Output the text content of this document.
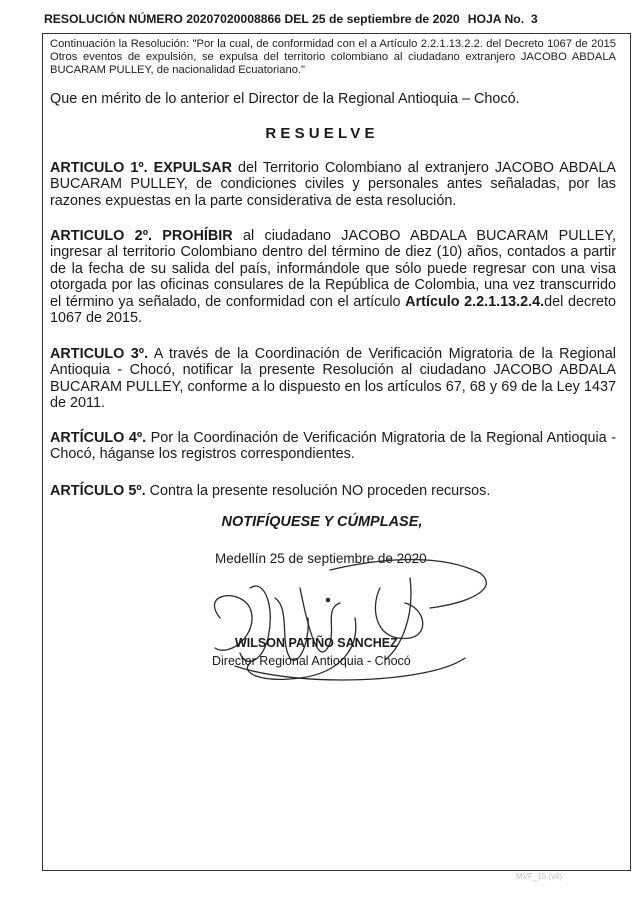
RESOLUCIÓN NÚMERO 20207020008866 DEL 25 de septiembre de 2020 HOJA No. 3
Continuación la Resolución: "Por la cual, de conformidad con el a Artículo 2.2.1.13.2.2. del Decreto 1067 de 2015 Otros eventos de expulsión, se expulsa del territorio colombiano al ciudadano extranjero JACOBO ABDALA BUCARAM PULLEY, de nacionalidad Ecuatoriano."
Que en mérito de lo anterior el Director de la Regional Antioquia – Chocó.
RESUELVE
ARTICULO 1º. EXPULSAR del Territorio Colombiano al extranjero JACOBO ABDALA BUCARAM PULLEY, de condiciones civiles y personales antes señaladas, por las razones expuestas en la parte considerativa de esta resolución.
ARTICULO 2º. PROHÍBIR al ciudadano JACOBO ABDALA BUCARAM PULLEY, ingresar al territorio Colombiano dentro del término de diez (10) años, contados a partir de la fecha de su salida del país, informándole que sólo puede regresar con una visa otorgada por las oficinas consulares de la República de Colombia, una vez transcurrido el término ya señalado, de conformidad con el artículo Artículo 2.2.1.13.2.4.del decreto 1067 de 2015.
ARTICULO 3º. A través de la Coordinación de Verificación Migratoria de la Regional Antioquia - Chocó, notificar la presente Resolución al ciudadano JACOBO ABDALA BUCARAM PULLEY, conforme a lo dispuesto en los artículos 67, 68 y 69 de la Ley 1437 de 2011.
ARTÍCULO 4º. Por la Coordinación de Verificación Migratoria de la Regional Antioquia - Chocó, háganse los registros correspondientes.
ARTÍCULO 5º. Contra la presente resolución NO proceden recursos.
NOTIFÍQUESE Y CÚMPLASE,
Medellín 25 de septiembre de 2020
WILSON PATIÑO SANCHEZ
Director Regional Antioquia - Chocó
MVF_15 (v4)
